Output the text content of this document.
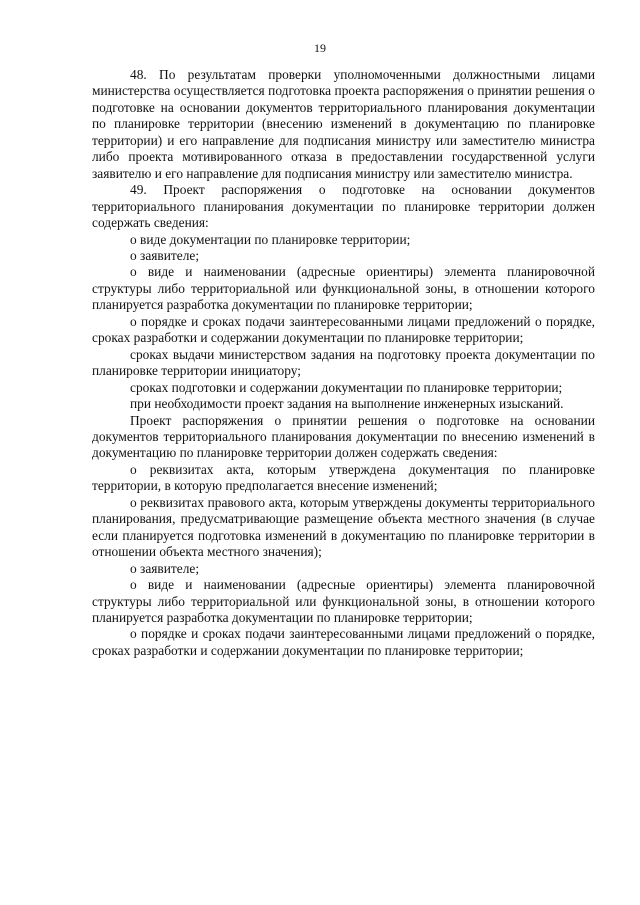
19

48. По результатам проверки уполномоченными должностными лицами министерства осуществляется подготовка проекта распоряжения о принятии решения о подготовке на основании документов территориального планирования документации по планировке территории (внесению изменений в документацию по планировке территории) и его направление для подписания министру или заместителю министра либо проекта мотивированного отказа в предоставлении государственной услуги заявителю и его направление для подписания министру или заместителю министра.

49. Проект распоряжения о подготовке на основании документов территориального планирования документации по планировке территории должен содержать сведения:

о виде документации по планировке территории;

о заявителе;

о виде и наименовании (адресные ориентиры) элемента планировочной структуры либо территориальной или функциональной зоны, в отношении которого планируется разработка документации по планировке территории;

о порядке и сроках подачи заинтересованными лицами предложений о порядке, сроках разработки и содержании документации по планировке территории;

сроках выдачи министерством задания на подготовку проекта документации по планировке территории инициатору;

сроках подготовки и содержании документации по планировке территории;

при необходимости проект задания на выполнение инженерных изысканий.

Проект распоряжения о принятии решения о подготовке на основании документов территориального планирования документации по внесению изменений в документацию по планировке территории должен содержать сведения:

о реквизитах акта, которым утверждена документация по планировке территории, в которую предполагается внесение изменений;

о реквизитах правового акта, которым утверждены документы территориального планирования, предусматривающие размещение объекта местного значения (в случае если планируется подготовка изменений в документацию по планировке территории в отношении объекта местного значения);

о заявителе;

о виде и наименовании (адресные ориентиры) элемента планировочной структуры либо территориальной или функциональной зоны, в отношении которого планируется разработка документации по планировке территории;

о порядке и сроках подачи заинтересованными лицами предложений о порядке, сроках разработки и содержании документации по планировке территории;
